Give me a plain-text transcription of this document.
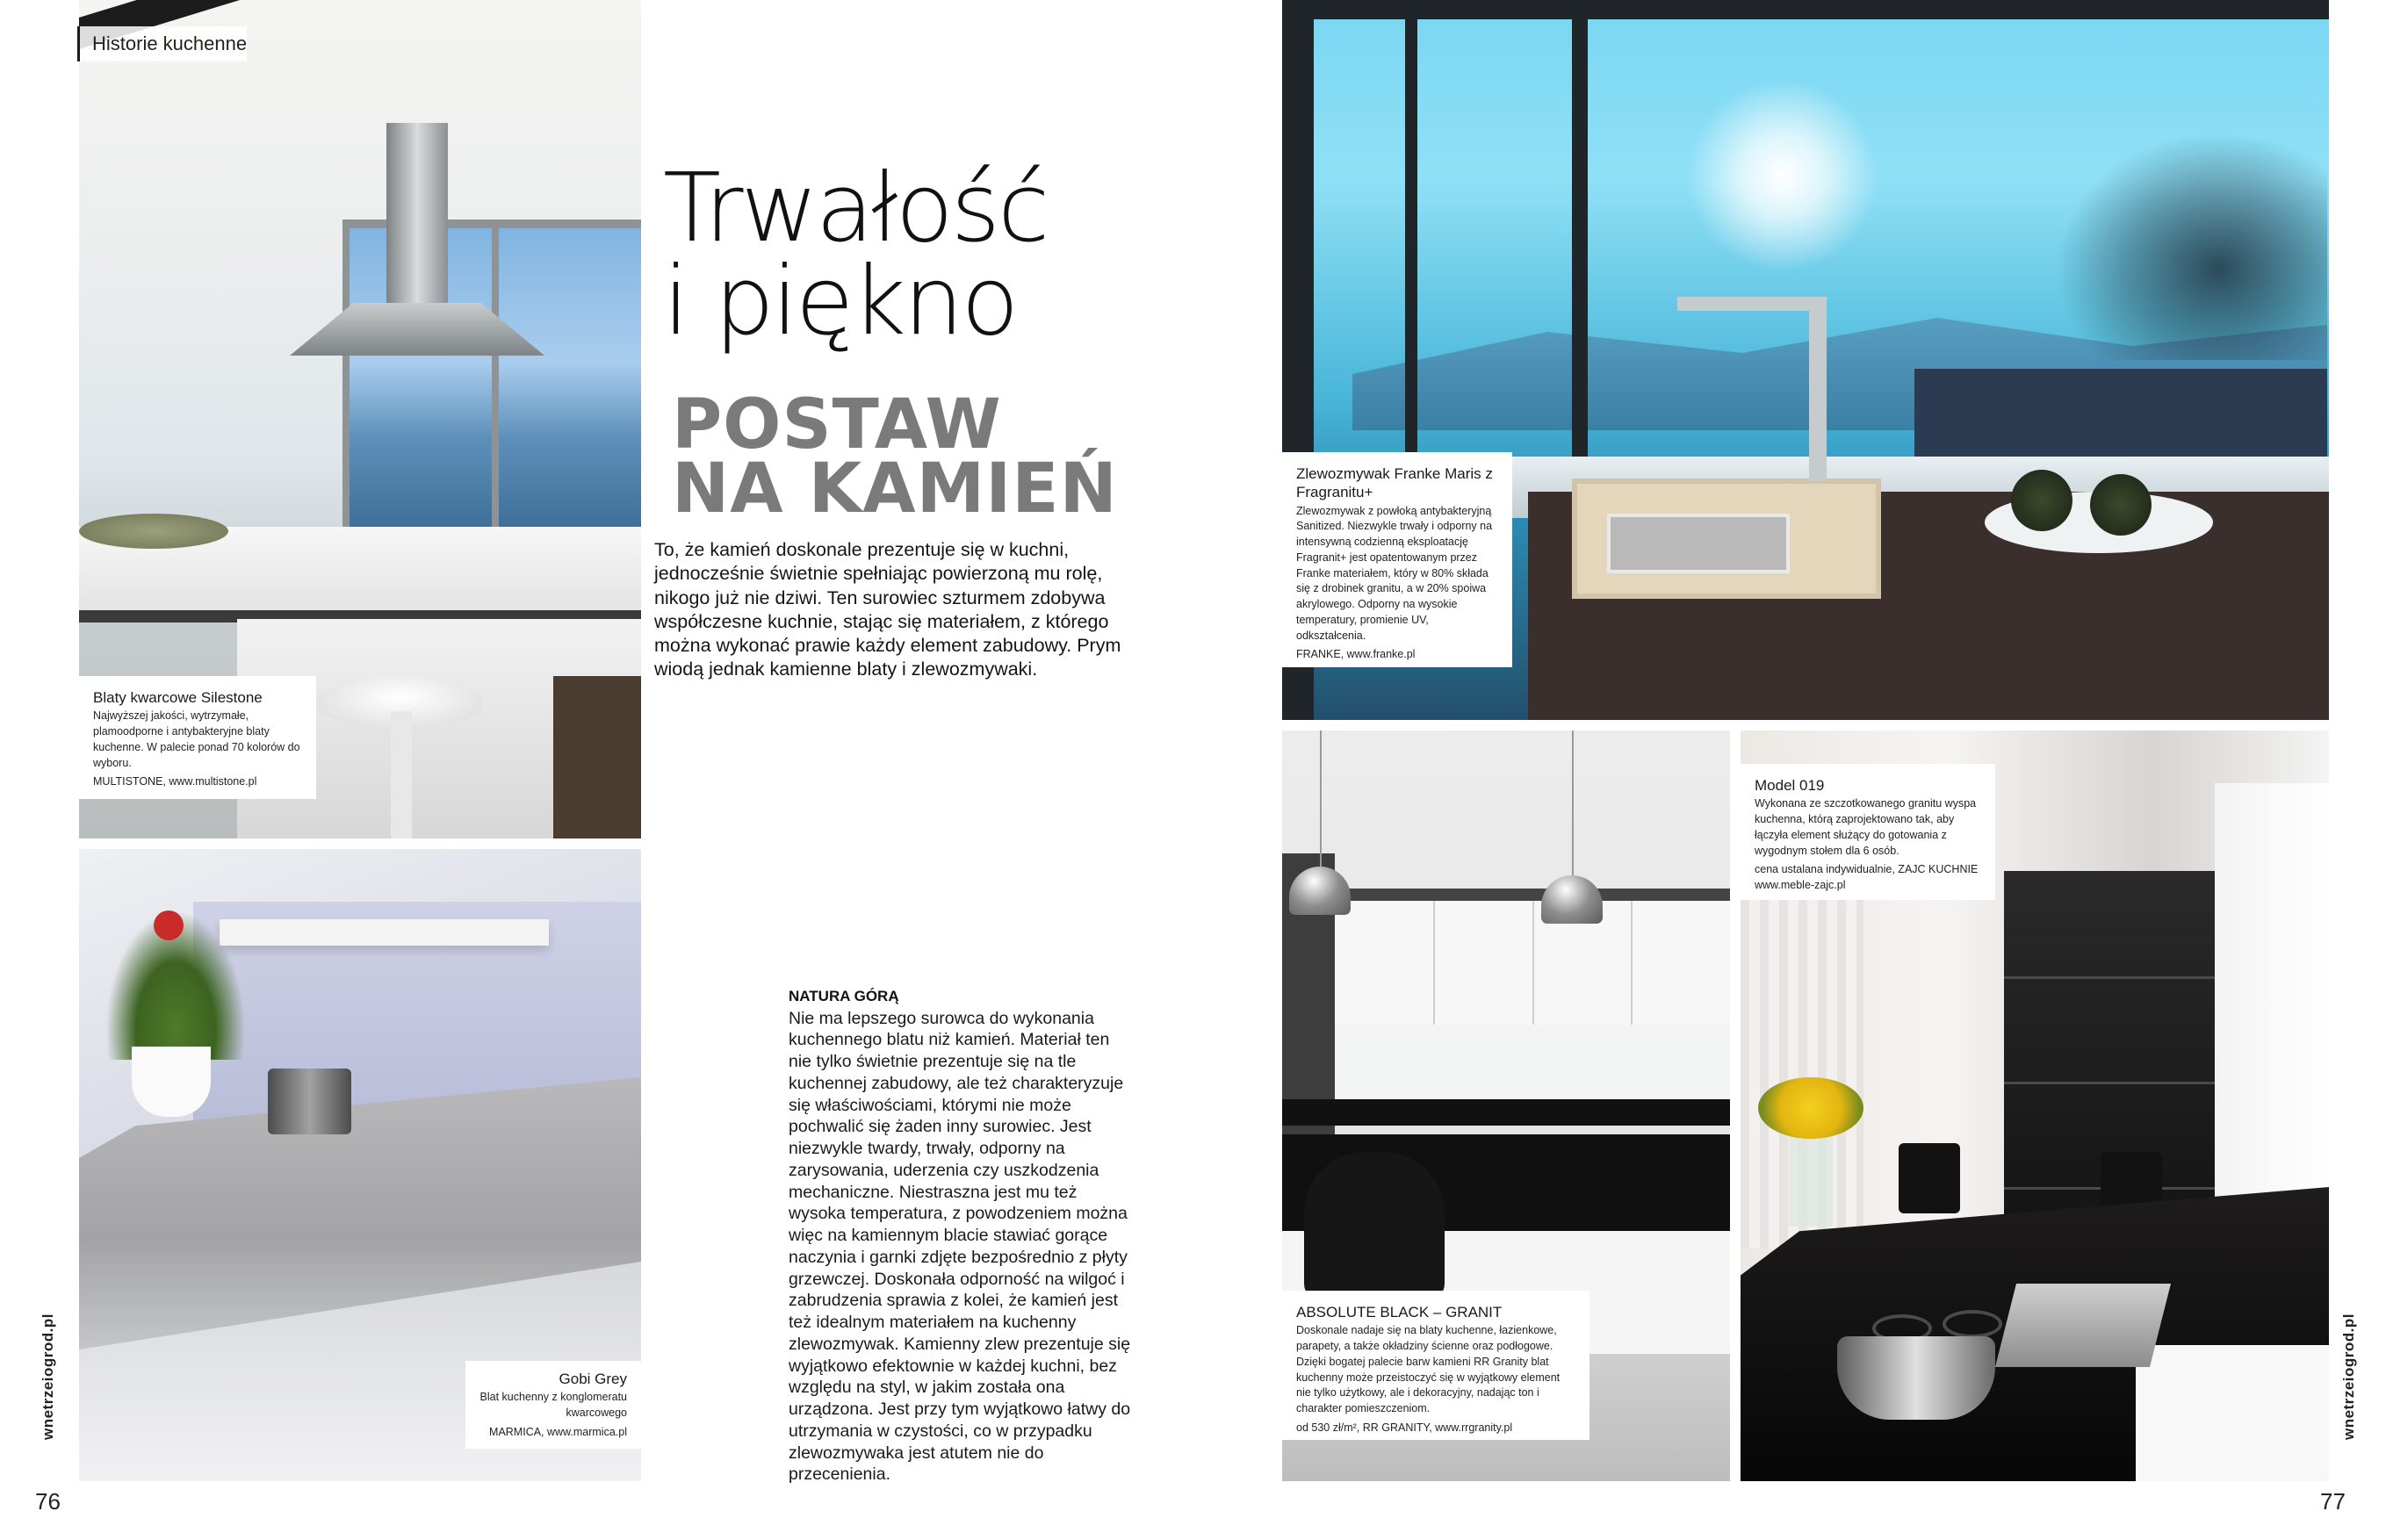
Historie kuchenne
Blaty kwarcowe Silestone
Najwyższej jakości, wytrzymałe, plamoodporne i antybakteryjne blaty kuchenne. W palecie ponad 70 kolorów do wyboru.
MULTISTONE, www.multistone.pl
Gobi Grey
Blat kuchenny z konglomeratu kwarcowego
MARMICA, www.marmica.pl
Trwałość
i piękno
POSTAW
NA KAMIEŃ
To, że kamień doskonale prezentuje się w kuchni, jednocześnie świetnie spełniając powierzoną mu rolę, nikogo już nie dziwi. Ten surowiec szturmem zdobywa współczesne kuchnie, stając się materiałem, z którego można wykonać prawie każdy element zabudowy. Prym wiodą jednak kamienne blaty i zlewozmywaki.
NATURA GÓRĄ
Nie ma lepszego surowca do wykonania kuchennego blatu niż kamień. Materiał ten nie tylko świetnie prezentuje się na tle kuchennej zabudowy, ale też charakteryzuje się właściwościami, którymi nie może pochwalić się żaden inny surowiec. Jest niezwykle twardy, trwały, odporny na zarysowania, uderzenia czy uszkodzenia mechaniczne. Niestraszna jest mu też wysoka temperatura, z powodzeniem można więc na kamiennym blacie stawiać gorące naczynia i garnki zdjęte bezpośrednio z płyty grzewczej. Doskonała odporność na wilgoć i zabrudzenia sprawia z kolei, że kamień jest też idealnym materiałem na kuchenny zlewozmywak. Kamienny zlew prezentuje się wyjątkowo efektownie w każdej kuchni, bez względu na styl, w jakim została ona urządzona. Jest przy tym wyjątkowo łatwy do utrzymania w czystości, co w przypadku zlewozmywaka jest atutem nie do przecenienia.
wnetrzeiogrod.pl
76
Zlewozmywak Franke Maris z Fragranitu+
Zlewozmywak z powłoką antybakteryjną Sanitized. Niezwykle trwały i odporny na intensywną codzienną eksploatację Fragranit+ jest opatentowanym przez Franke materiałem, który w 80% składa się z drobinek granitu, a w 20% spoiwa akrylowego. Odporny na wysokie temperatury, promienie UV, odkształcenia.
FRANKE, www.franke.pl
ABSOLUTE BLACK – GRANIT
Doskonale nadaje się na blaty kuchenne, łazienkowe, parapety, a także okładziny ścienne oraz podłogowe. Dzięki bogatej palecie barw kamieni RR Granity blat kuchenny może przeistoczyć się w wyjątkowy element nie tylko użytkowy, ale i dekoracyjny, nadając ton i charakter pomieszczeniom.
od 530 zł/m², RR GRANITY, www.rrgranity.pl
Model 019
Wykonana ze szczotkowanego granitu wyspa kuchenna, którą zaprojektowano tak, aby łączyła element służący do gotowania z wygodnym stołem dla 6 osób.
cena ustalana indywidualnie, ZAJC KUCHNIE www.meble-zajc.pl
wnetrzeiogrod.pl
77
